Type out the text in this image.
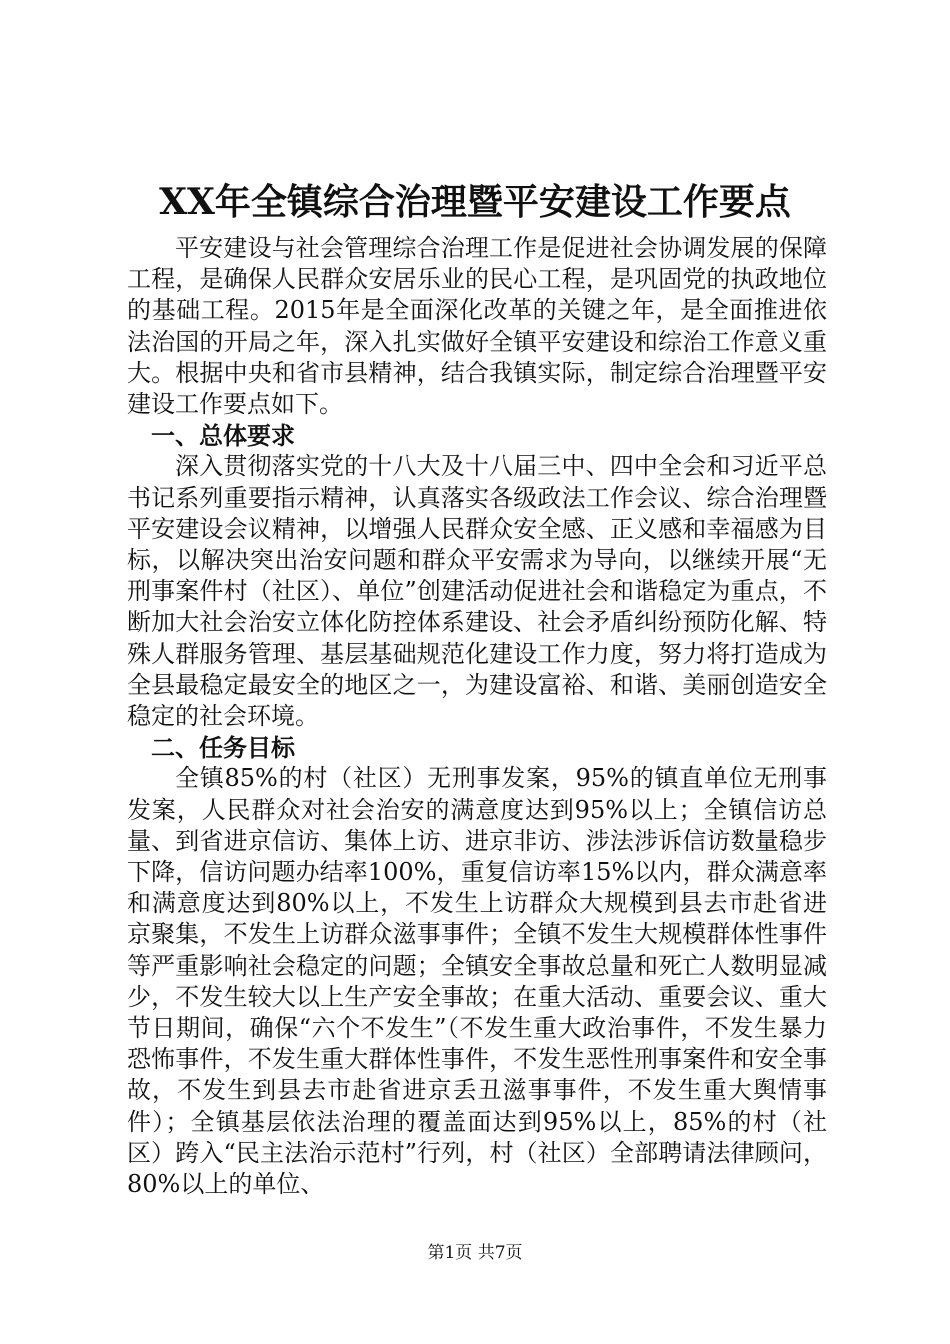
XX年全镇综合治理暨平安建设工作要点

平安建设与社会管理综合治理工作是促进社会协调发展的保障工程，是确保人民群众安居乐业的民心工程，是巩固党的执政地位的基础工程。2015年是全面深化改革的关键之年，是全面推进依法治国的开局之年，深入扎实做好全镇平安建设和综治工作意义重大。根据中央和省市县精神，结合我镇实际，制定综合治理暨平安建设工作要点如下。

一、总体要求

深入贯彻落实党的十八大及十八届三中、四中全会和习近平总书记系列重要指示精神，认真落实各级政法工作会议、综合治理暨平安建设会议精神，以增强人民群众安全感、正义感和幸福感为目标，以解决突出治安问题和群众平安需求为导向，以继续开展“无刑事案件村（社区）、单位”创建活动促进社会和谐稳定为重点，不断加大社会治安立体化防控体系建设、社会矛盾纠纷预防化解、特殊人群服务管理、基层基础规范化建设工作力度，努力将打造成为全县最稳定最安全的地区之一，为建设富裕、和谐、美丽创造安全稳定的社会环境。

二、任务目标

全镇85%的村（社区）无刑事发案，95%的镇直单位无刑事发案，人民群众对社会治安的满意度达到95%以上；全镇信访总量、到省进京信访、集体上访、进京非访、涉法涉诉信访数量稳步下降，信访问题办结率100%，重复信访率15%以内，群众满意率和满意度达到80%以上，不发生上访群众大规模到县去市赴省进京聚集，不发生上访群众滋事事件；全镇不发生大规模群体性事件等严重影响社会稳定的问题；全镇安全事故总量和死亡人数明显减少，不发生较大以上生产安全事故；在重大活动、重要会议、重大节日期间，确保“六个不发生”（不发生重大政治事件，不发生暴力恐怖事件，不发生重大群体性事件，不发生恶性刑事案件和安全事故，不发生到县去市赴省进京丢丑滋事事件，不发生重大舆情事件）；全镇基层依法治理的覆盖面达到95%以上，85%的村（社区）跨入“民主法治示范村”行列，村（社区）全部聘请法律顾问，80%以上的单位、

第1页 共7页
